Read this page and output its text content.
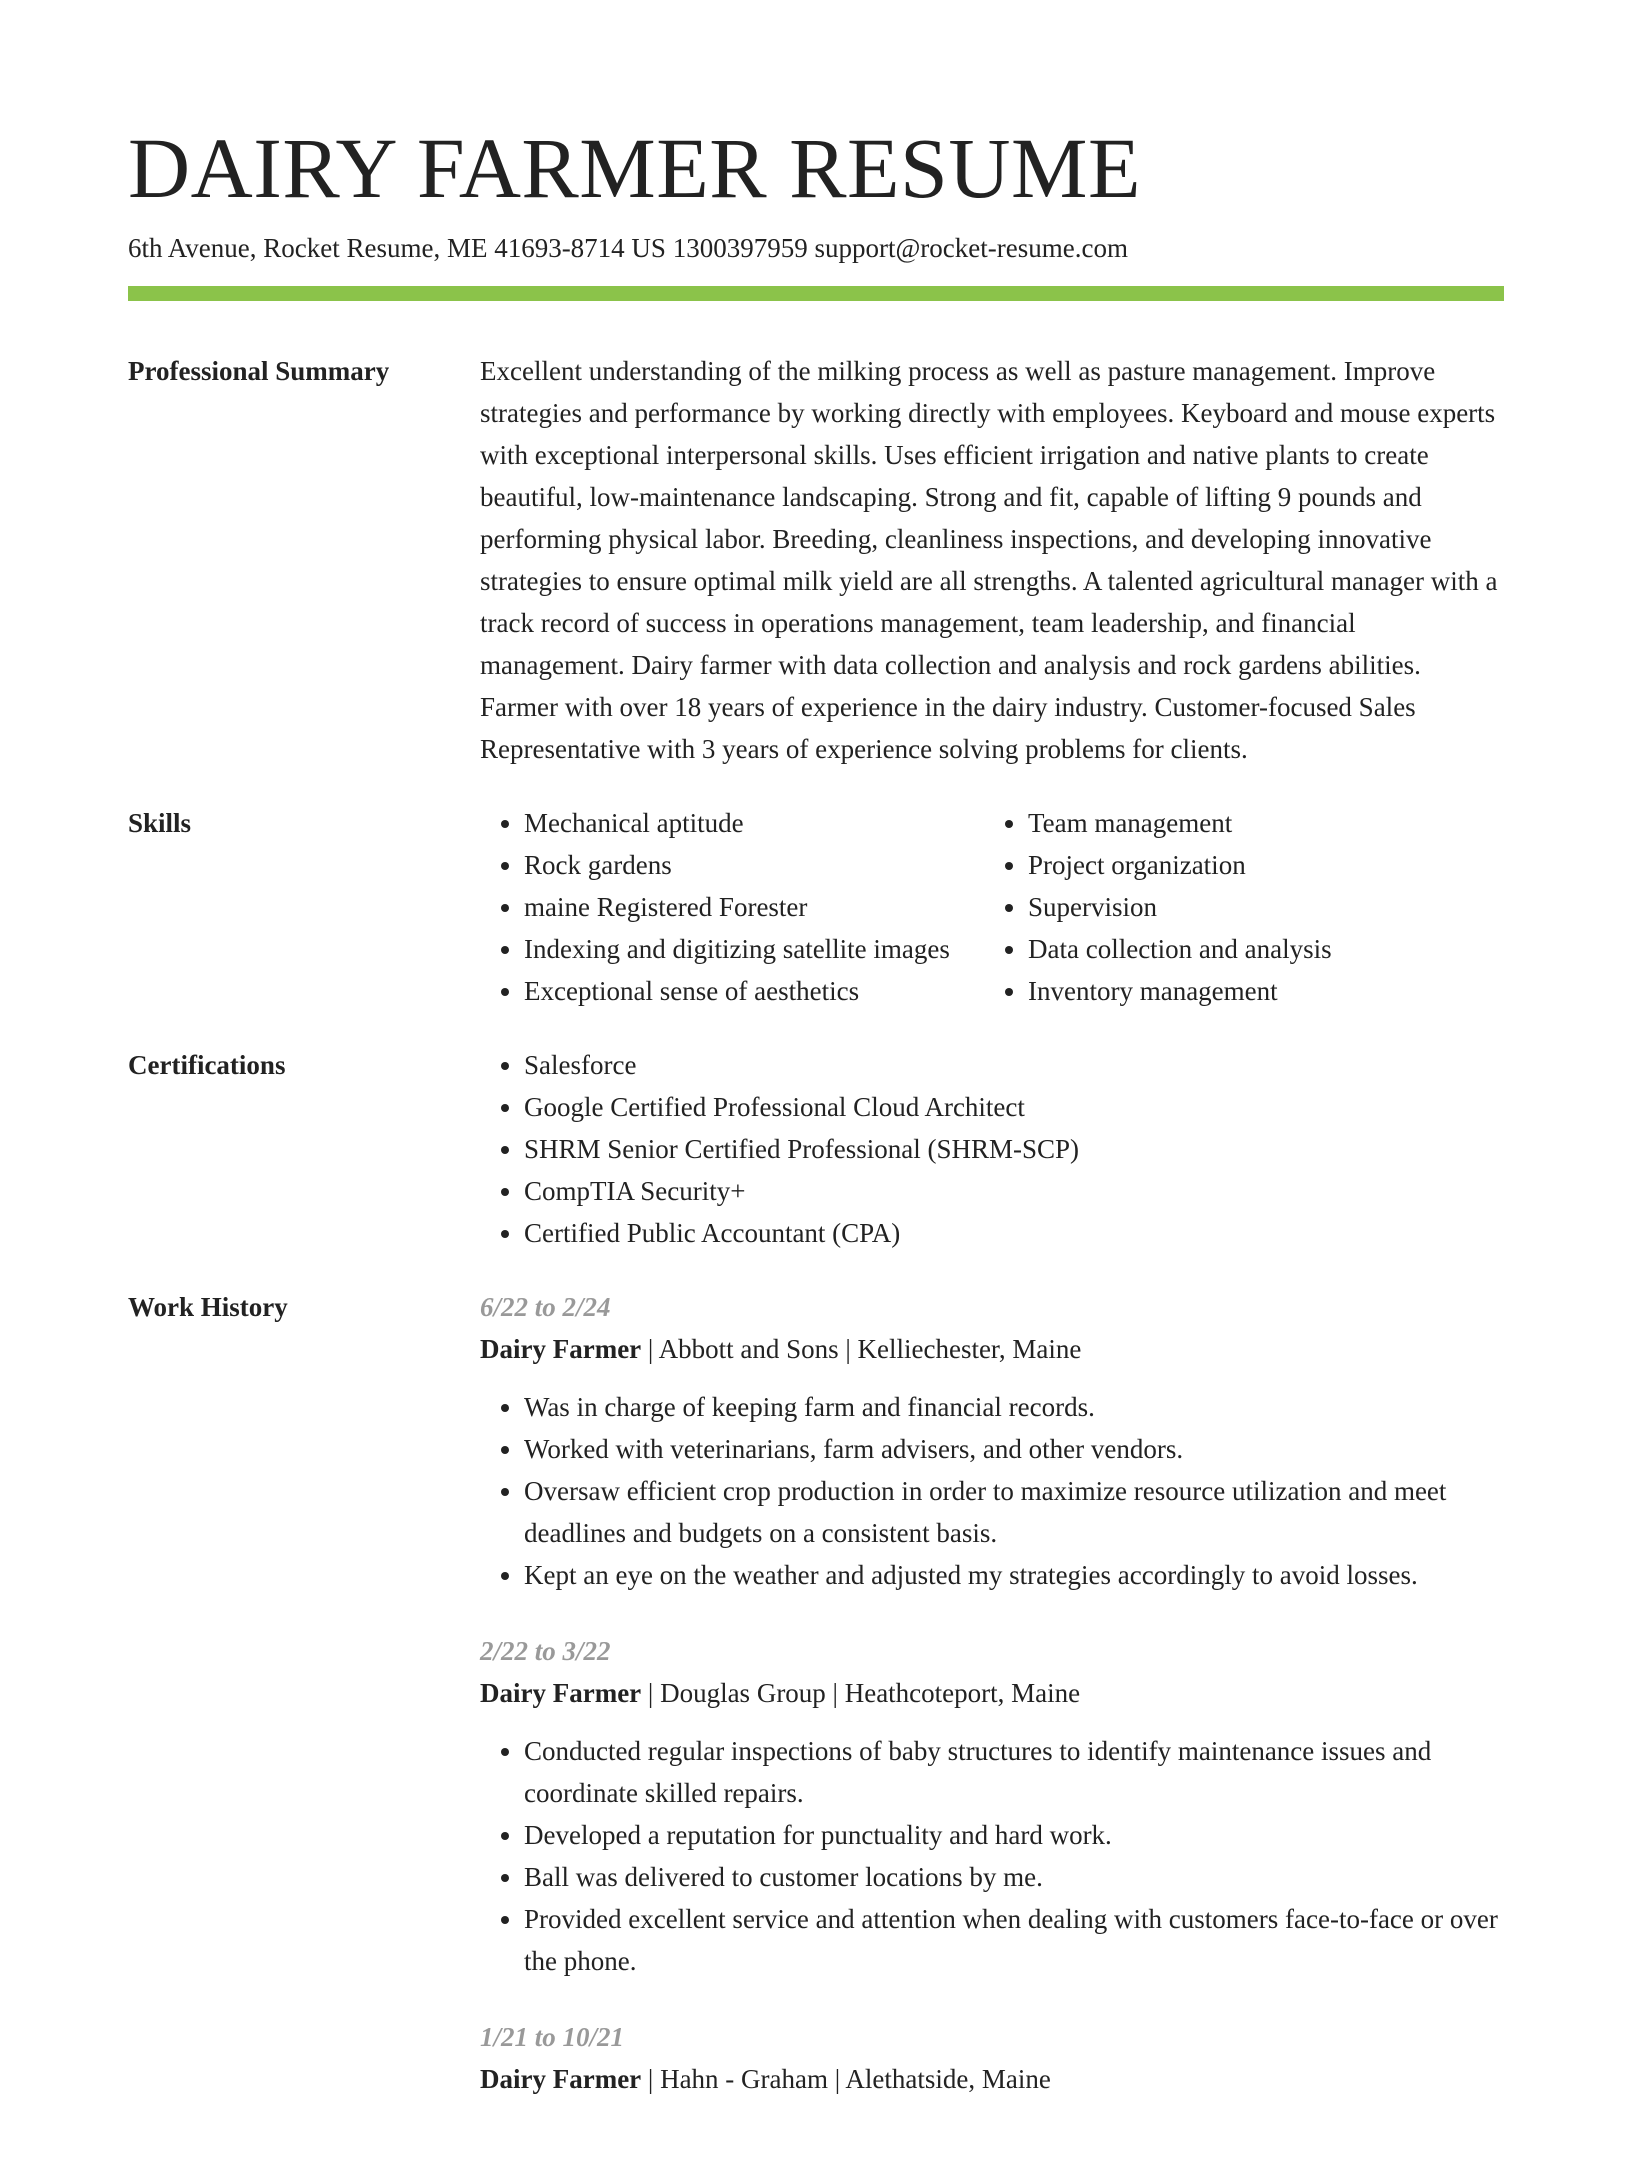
DAIRY FARMER RESUME
6th Avenue, Rocket Resume, ME 41693-8714 US 1300397959 support@rocket-resume.com
Professional Summary	Excellent understanding of the milking process as well as pasture management. Improve strategies and performance by working directly with employees. Keyboard and mouse experts with exceptional interpersonal skills. Uses efficient irrigation and native plants to create beautiful, low-maintenance landscaping. Strong and fit, capable of lifting 9 pounds and performing physical labor. Breeding, cleanliness inspections, and developing innovative strategies to ensure optimal milk yield are all strengths. A talented agricultural manager with a track record of success in operations management, team leadership, and financial management. Dairy farmer with data collection and analysis and rock gardens abilities. Farmer with over 18 years of experience in the dairy industry. Customer-focused Sales Representative with 3 years of experience solving problems for clients.

Skills	• Mechanical aptitude
• Rock gardens
• maine Registered Forester
• Indexing and digitizing satellite images
• Exceptional sense of aesthetics
• Team management
• Project organization
• Supervision
• Data collection and analysis
• Inventory management
Certifications	• Salesforce
• Google Certified Professional Cloud Architect
• SHRM Senior Certified Professional (SHRM-SCP)
• CompTIA Security+
• Certified Public Accountant (CPA)
Work History	6/22 to 2/24
Dairy Farmer | Abbott and Sons | Kelliechester, Maine
• Was in charge of keeping farm and financial records.
• Worked with veterinarians, farm advisers, and other vendors.
• Oversaw efficient crop production in order to maximize resource utilization and meet deadlines and budgets on a consistent basis.
• Kept an eye on the weather and adjusted my strategies accordingly to avoid losses.
2/22 to 3/22
Dairy Farmer | Douglas Group | Heathcoteport, Maine
• Conducted regular inspections of baby structures to identify maintenance issues and coordinate skilled repairs.
• Developed a reputation for punctuality and hard work.
• Ball was delivered to customer locations by me.
• Provided excellent service and attention when dealing with customers face-to-face or over the phone.
1/21 to 10/21
Dairy Farmer | Hahn - Graham | Alethatside, Maine
